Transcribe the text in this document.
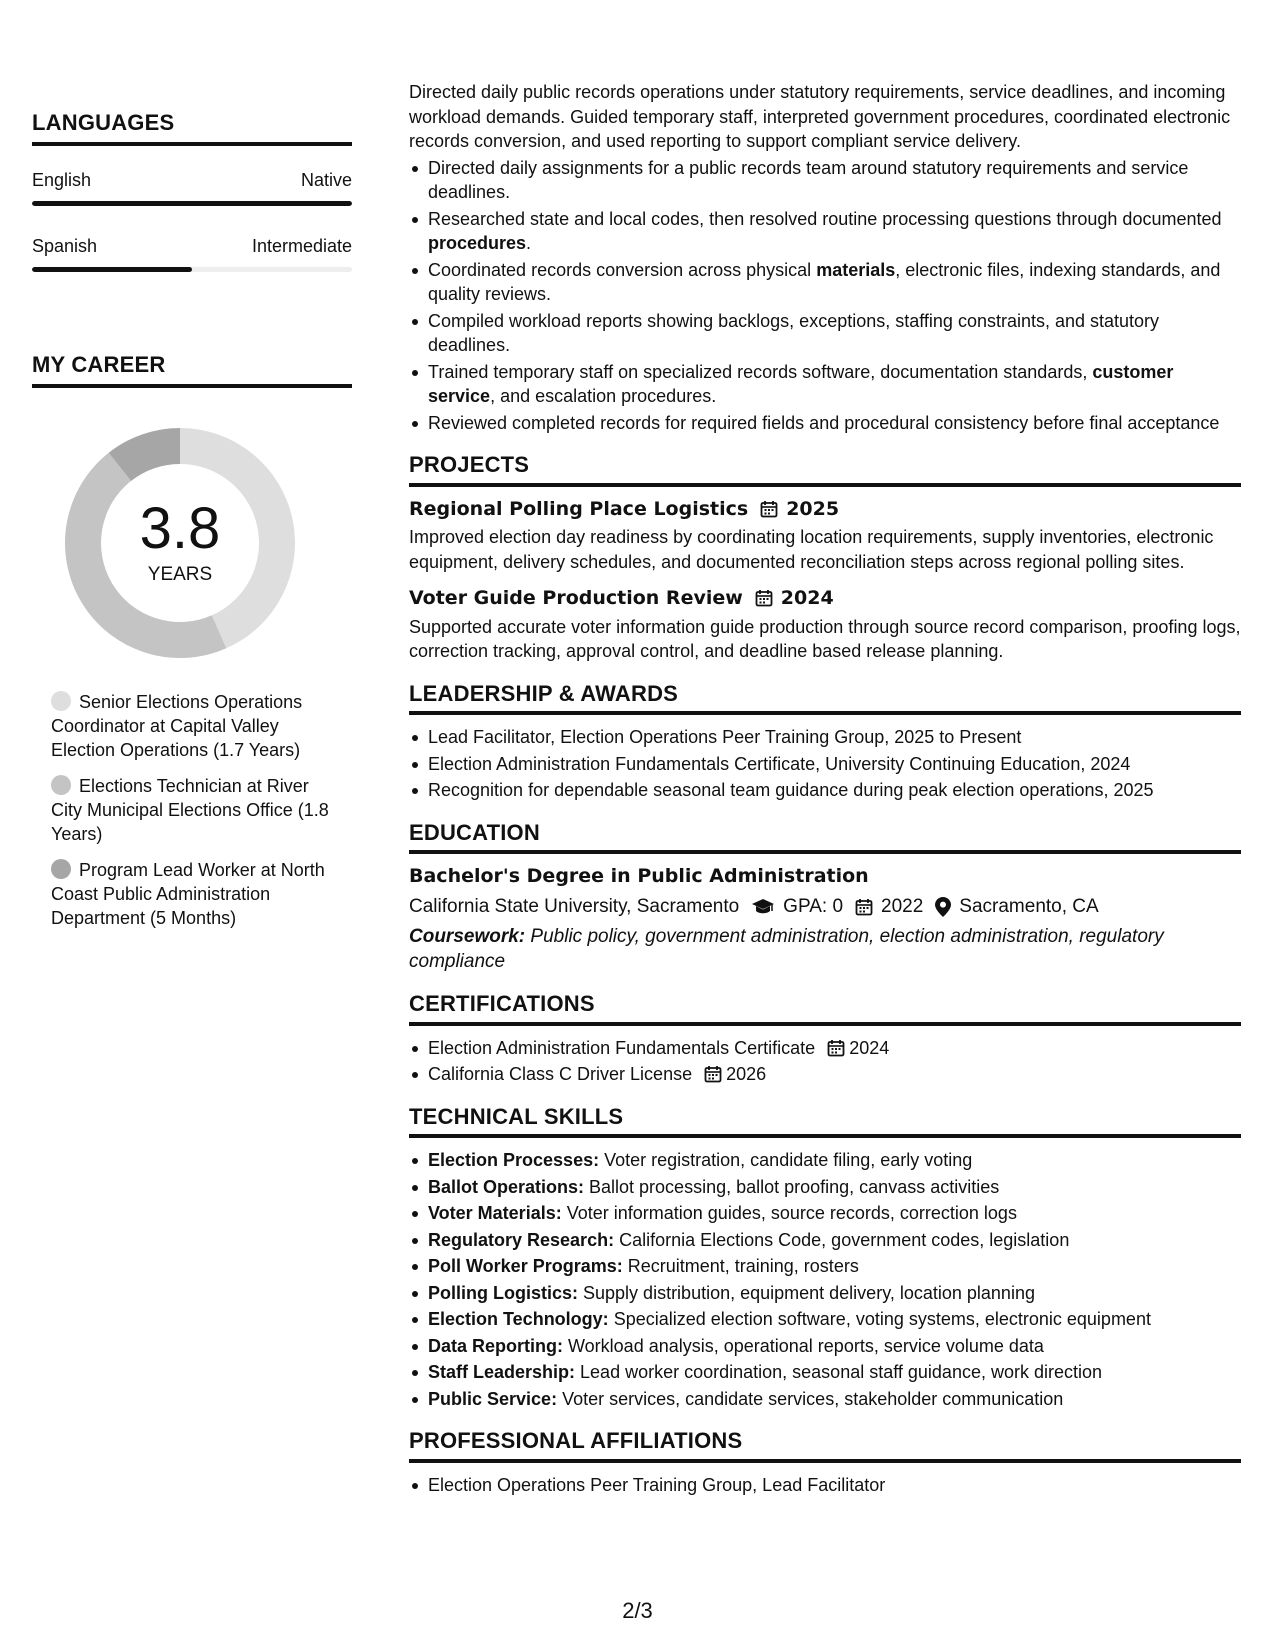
LANGUAGES
English	Native
Spanish	Intermediate
MY CAREER
3.8
YEARS
Senior Elections Operations Coordinator at Capital Valley Election Operations (1.7 Years)
Elections Technician at River City Municipal Elections Office (1.8 Years)
Program Lead Worker at North Coast Public Administration Department (5 Months)
Directed daily public records operations under statutory requirements, service deadlines, and incoming workload demands. Guided temporary staff, interpreted government procedures, coordinated electronic records conversion, and used reporting to support compliant service delivery.
Directed daily assignments for a public records team around statutory requirements and service deadlines.
Researched state and local codes, then resolved routine processing questions through documented procedures.
Coordinated records conversion across physical materials, electronic files, indexing standards, and quality reviews.
Compiled workload reports showing backlogs, exceptions, staffing constraints, and statutory deadlines.
Trained temporary staff on specialized records software, documentation standards, customer service, and escalation procedures.
Reviewed completed records for required fields and procedural consistency before final acceptance
PROJECTS
Regional Polling Place Logistics 2025
Improved election day readiness by coordinating location requirements, supply inventories, electronic equipment, delivery schedules, and documented reconciliation steps across regional polling sites.
Voter Guide Production Review 2024
Supported accurate voter information guide production through source record comparison, proofing logs, correction tracking, approval control, and deadline based release planning.
LEADERSHIP & AWARDS
Lead Facilitator, Election Operations Peer Training Group, 2025 to Present
Election Administration Fundamentals Certificate, University Continuing Education, 2024
Recognition for dependable seasonal team guidance during peak election operations, 2025
EDUCATION
Bachelor's Degree in Public Administration
California State University, Sacramento GPA: 0 2022 Sacramento, CA
Coursework: Public policy, government administration, election administration, regulatory compliance
CERTIFICATIONS
Election Administration Fundamentals Certificate 2024
California Class C Driver License 2026
TECHNICAL SKILLS
Election Processes: Voter registration, candidate filing, early voting
Ballot Operations: Ballot processing, ballot proofing, canvass activities
Voter Materials: Voter information guides, source records, correction logs
Regulatory Research: California Elections Code, government codes, legislation
Poll Worker Programs: Recruitment, training, rosters
Polling Logistics: Supply distribution, equipment delivery, location planning
Election Technology: Specialized election software, voting systems, electronic equipment
Data Reporting: Workload analysis, operational reports, service volume data
Staff Leadership: Lead worker coordination, seasonal staff guidance, work direction
Public Service: Voter services, candidate services, stakeholder communication
PROFESSIONAL AFFILIATIONS
Election Operations Peer Training Group, Lead Facilitator
2/3
